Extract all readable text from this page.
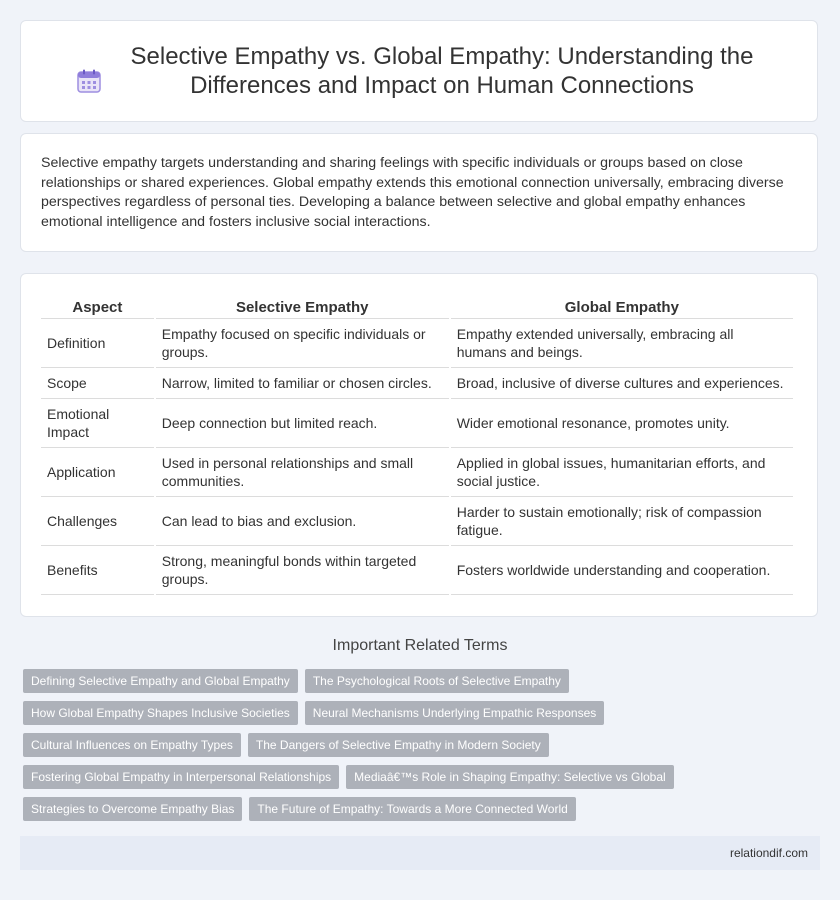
Selective Empathy vs. Global Empathy: Understanding the Differences and Impact on Human Connections

Selective empathy targets understanding and sharing feelings with specific individuals or groups based on close relationships or shared experiences. Global empathy extends this emotional connection universally, embracing diverse perspectives regardless of personal ties. Developing a balance between selective and global empathy enhances emotional intelligence and fosters inclusive social interactions.

Aspect	Selective Empathy	Global Empathy
Definition	Empathy focused on specific individuals or groups.	Empathy extended universally, embracing all humans and beings.
Scope	Narrow, limited to familiar or chosen circles.	Broad, inclusive of diverse cultures and experiences.
Emotional Impact	Deep connection but limited reach.	Wider emotional resonance, promotes unity.
Application	Used in personal relationships and small communities.	Applied in global issues, humanitarian efforts, and social justice.
Challenges	Can lead to bias and exclusion.	Harder to sustain emotionally; risk of compassion fatigue.
Benefits	Strong, meaningful bonds within targeted groups.	Fosters worldwide understanding and cooperation.
Important Related Terms
Defining Selective Empathy and Global Empathy	The Psychological Roots of Selective Empathy
How Global Empathy Shapes Inclusive Societies	Neural Mechanisms Underlying Empathic Responses
Cultural Influences on Empathy Types	The Dangers of Selective Empathy in Modern Society
Fostering Global Empathy in Interpersonal Relationships	Mediaâ€™s Role in Shaping Empathy: Selective vs Global
Strategies to Overcome Empathy Bias	The Future of Empathy: Towards a More Connected World
relationdif.com
